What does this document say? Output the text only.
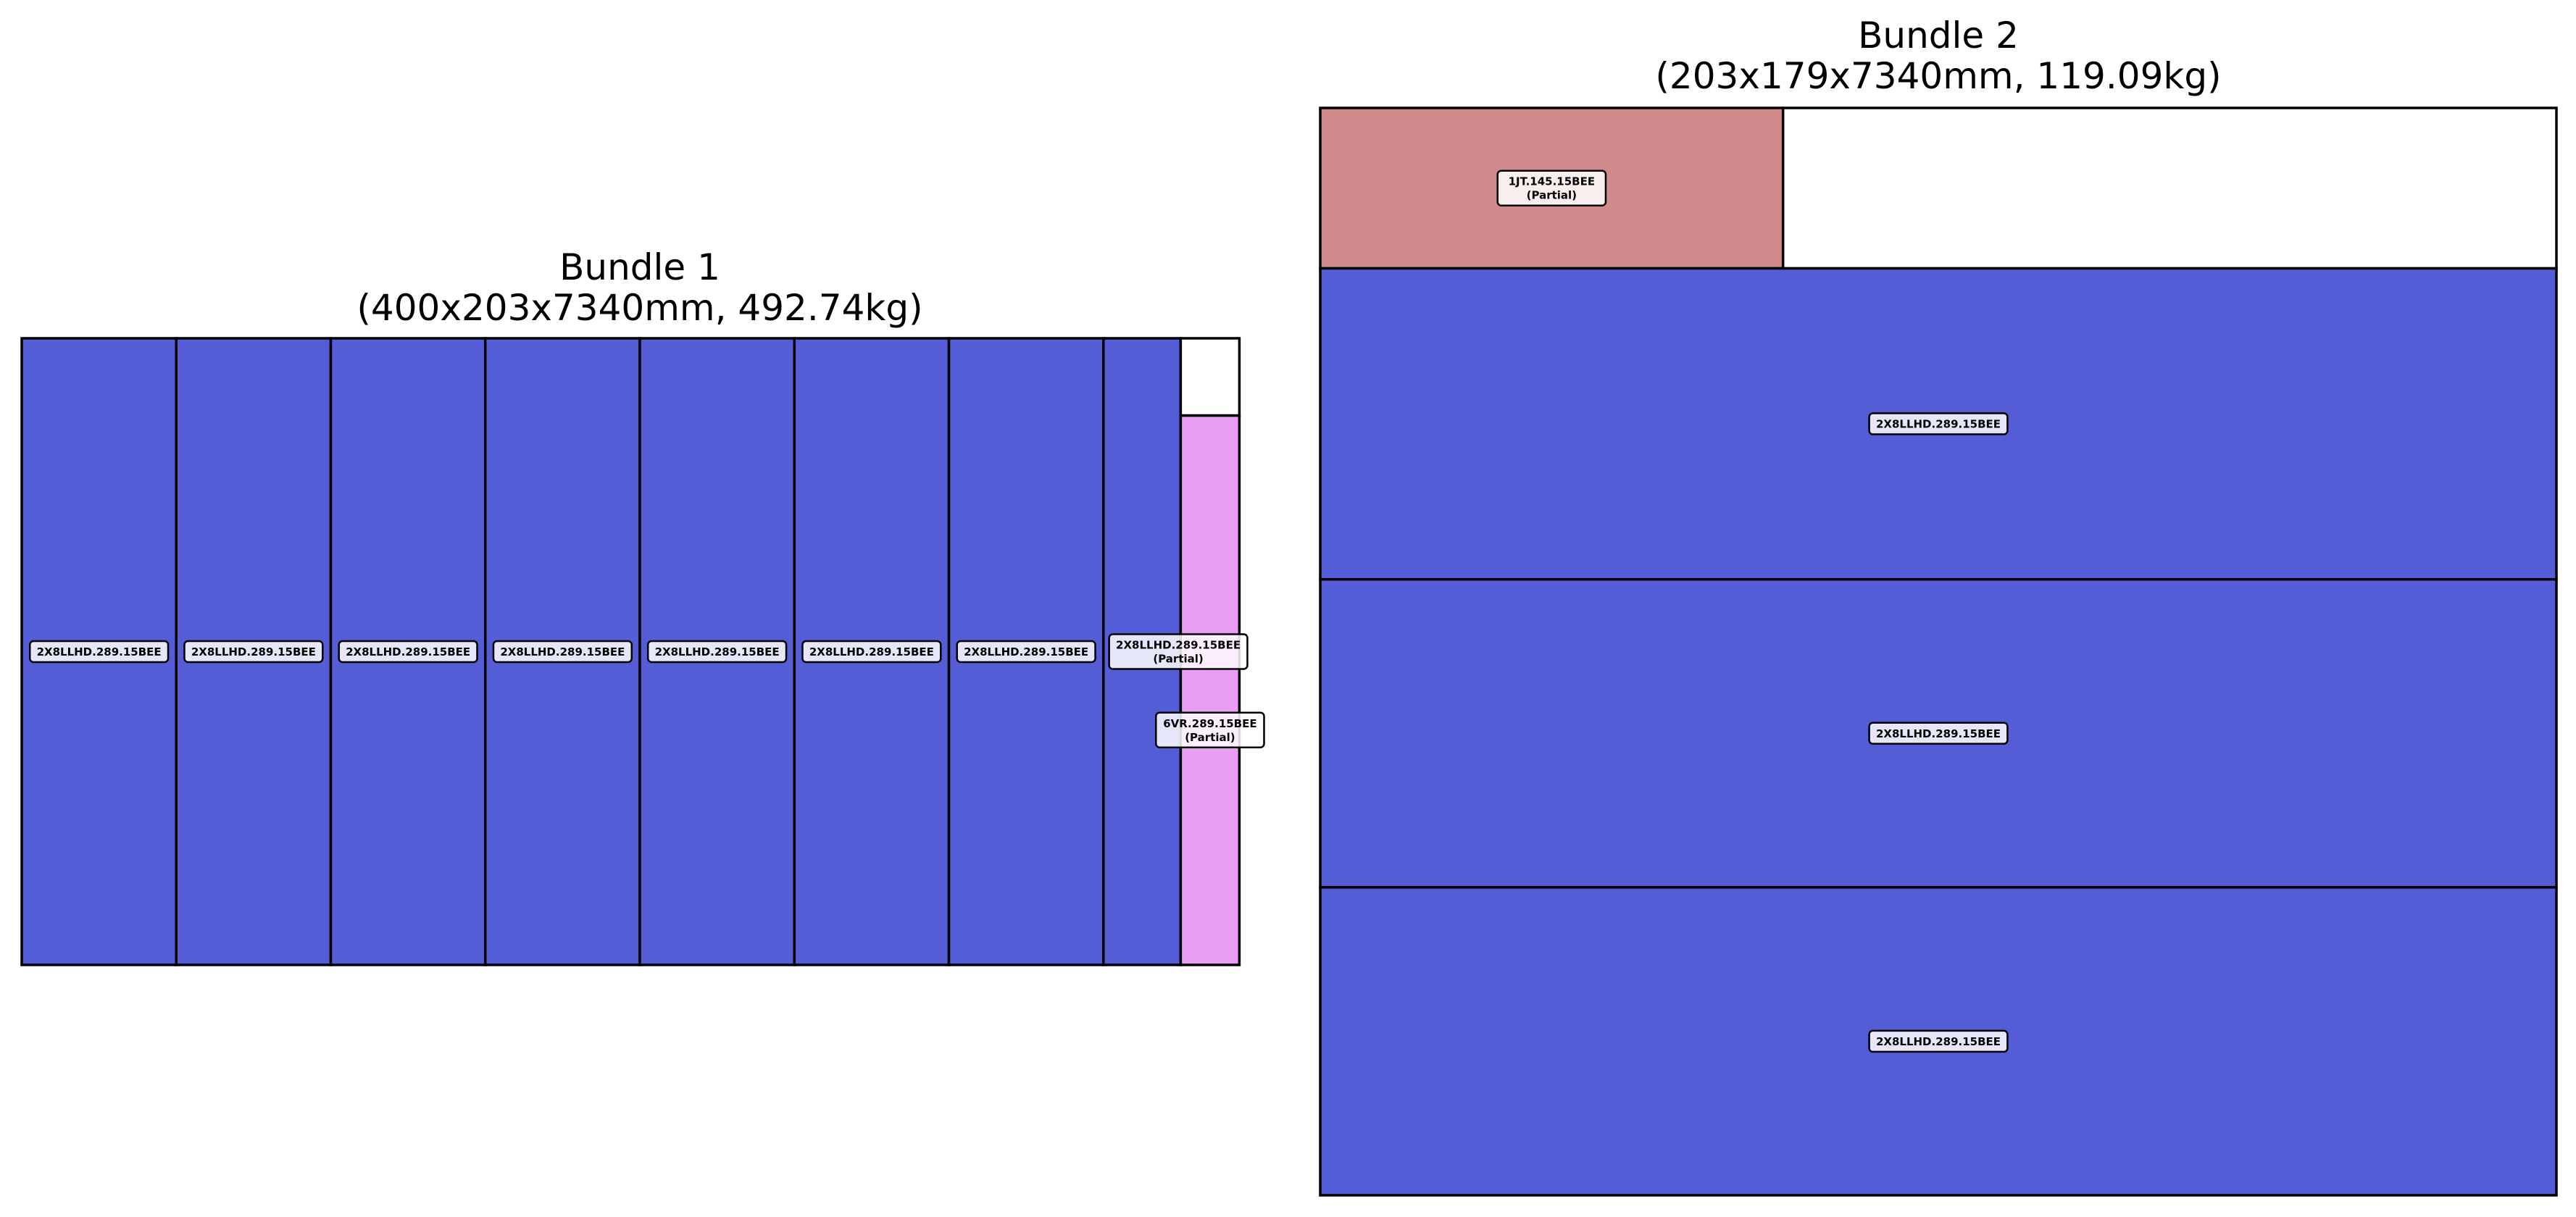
Bundle 1
(400x203x7340mm, 492.74kg)
2X8LLHD.289.15BEE	2X8LLHD.289.15BEE	2X8LLHD.289.15BEE	2X8LLHD.289.15BEE	2X8LLHD.289.15BEE	2X8LLHD.289.15BEE	2X8LLHD.289.15BEE
2X8LLHD.289.15BEE
(Partial)
6VR.289.15BEE
(Partial)
Bundle 2
(203x179x7340mm, 119.09kg)
2X8LLHD.289.15BEE
2X8LLHD.289.15BEE
2X8LLHD.289.15BEE
1JT.145.15BEE
(Partial)
